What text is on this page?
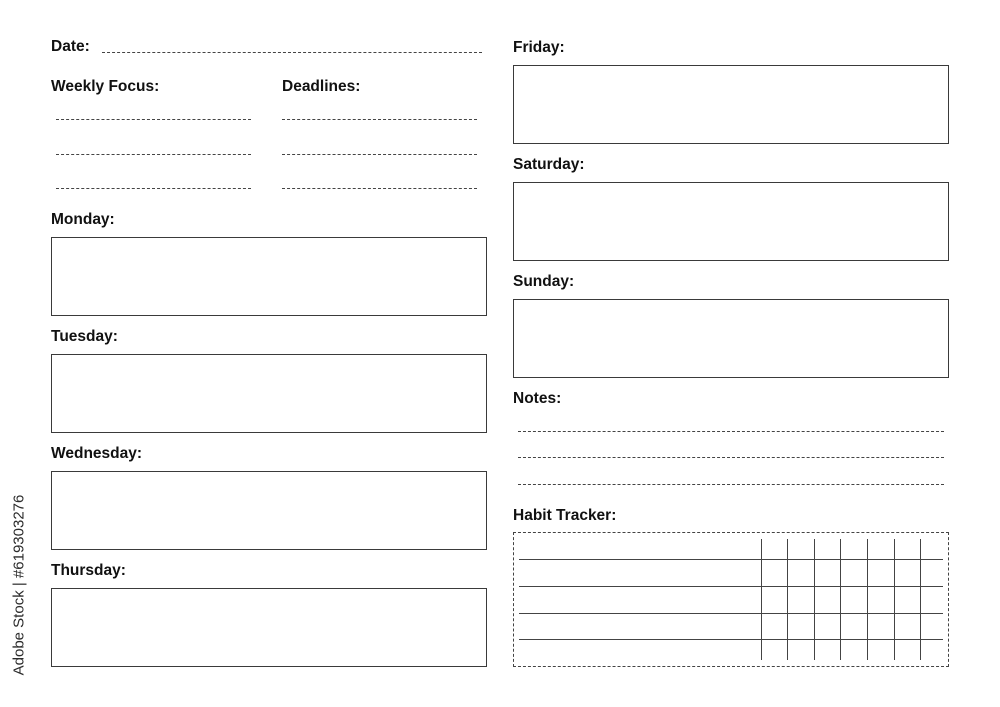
Date:
Weekly Focus:	Deadlines:
Monday:
Tuesday:
Wednesday:
Thursday:
Friday:
Saturday:
Sunday:
Notes:
Habit Tracker:
Adobe Stock | #619303276
